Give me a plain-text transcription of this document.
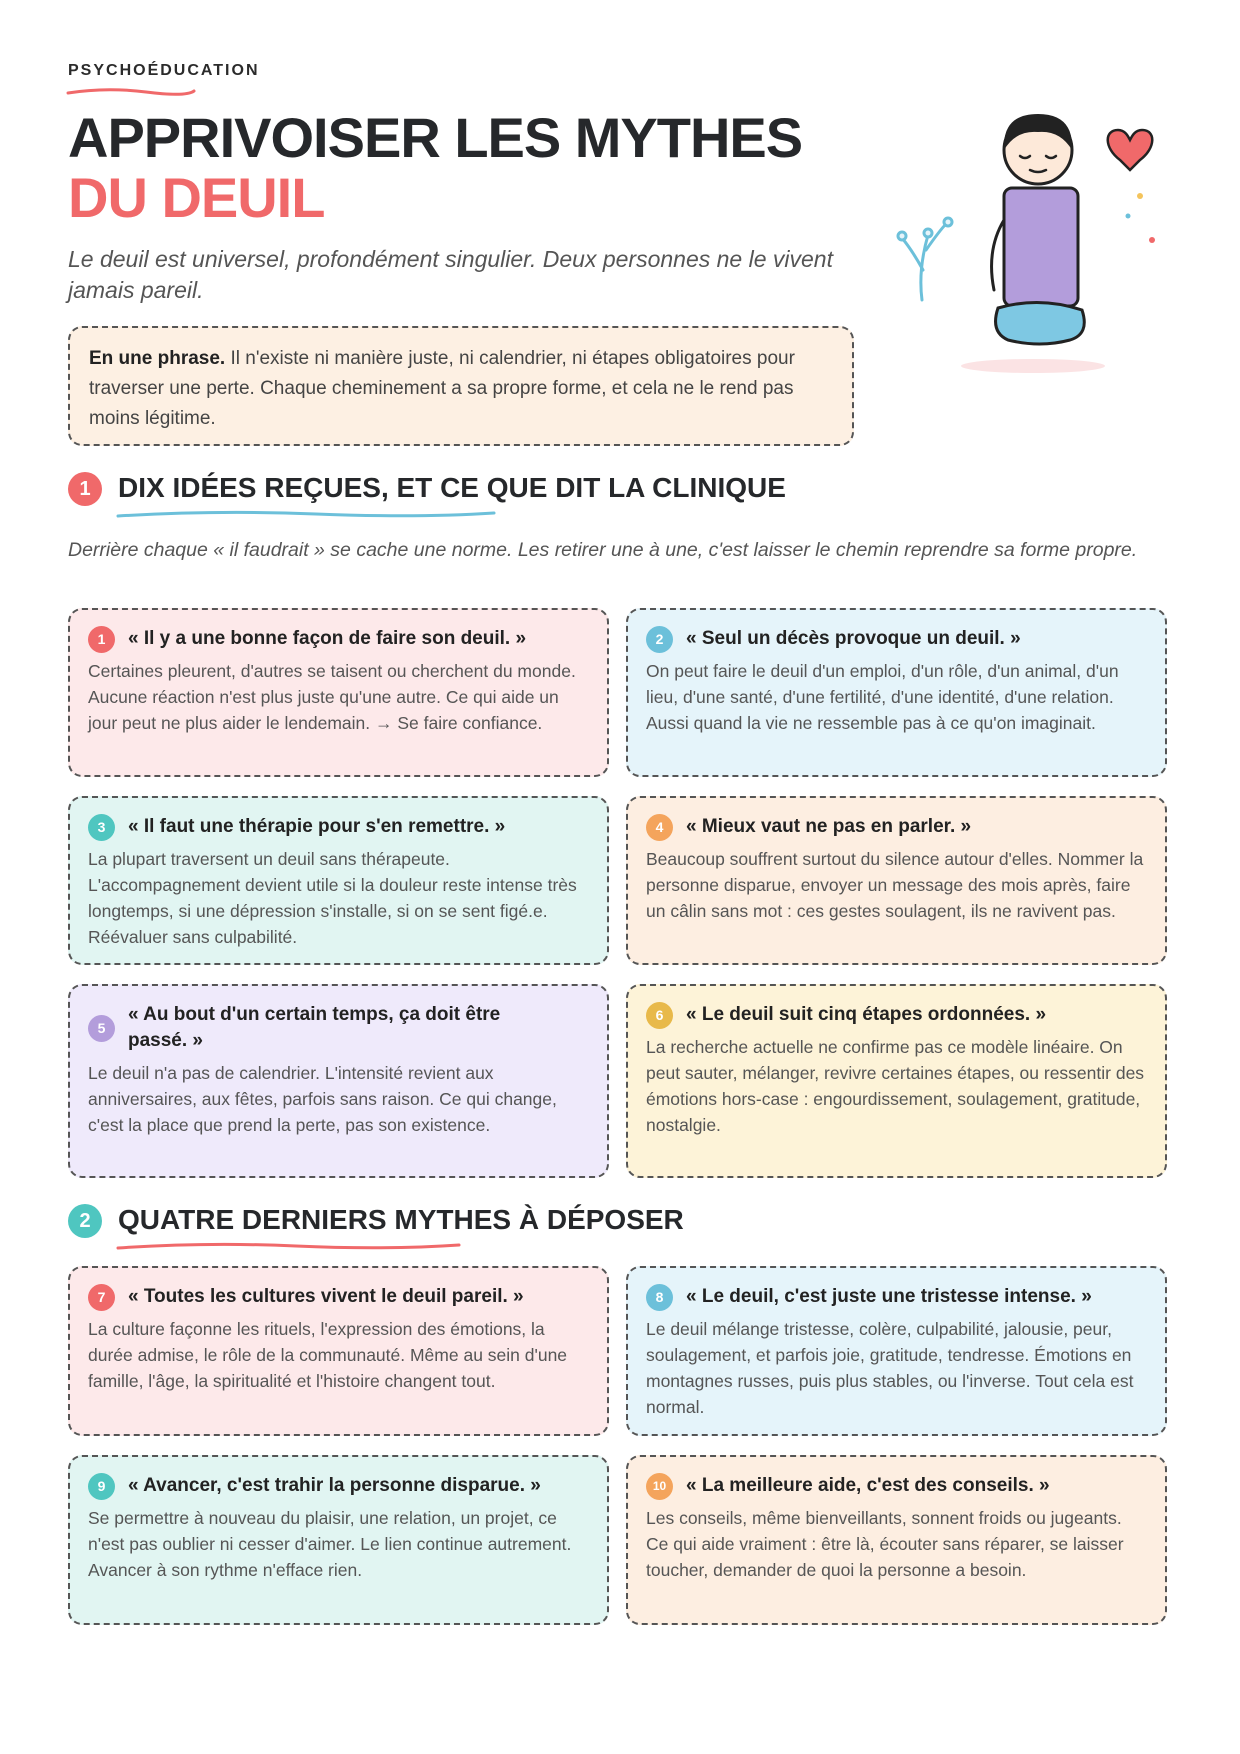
PSYCHOÉDUCATION
APPRIVOISER LES MYTHES
DU DEUIL
Le deuil est universel, profondément singulier. Deux personnes ne le vivent jamais pareil.
En une phrase. Il n'existe ni manière juste, ni calendrier, ni étapes obligatoires pour traverser une perte. Chaque cheminement a sa propre forme, et cela ne le rend pas moins légitime.
1 DIX IDÉES REÇUES, ET CE QUE DIT LA CLINIQUE
Derrière chaque « il faudrait » se cache une norme. Les retirer une à une, c'est laisser le chemin reprendre sa forme propre.
1	« Il y a une bonne façon de faire son deuil. »
Certaines pleurent, d'autres se taisent ou cherchent du monde. Aucune réaction n'est plus juste qu'une autre. Ce qui aide un jour peut ne plus aider le lendemain. → Se faire confiance.
2	« Seul un décès provoque un deuil. »
On peut faire le deuil d'un emploi, d'un rôle, d'un animal, d'un lieu, d'une santé, d'une fertilité, d'une identité, d'une relation. Aussi quand la vie ne ressemble pas à ce qu'on imaginait.
3	« Il faut une thérapie pour s'en remettre. »
La plupart traversent un deuil sans thérapeute. L'accompagnement devient utile si la douleur reste intense très longtemps, si une dépression s'installe, si on se sent figé.e. Réévaluer sans culpabilité.
4	« Mieux vaut ne pas en parler. »
Beaucoup souffrent surtout du silence autour d'elles. Nommer la personne disparue, envoyer un message des mois après, faire un câlin sans mot : ces gestes soulagent, ils ne ravivent pas.
5
« Au bout d'un certain temps, ça doit être passé. »
Le deuil n'a pas de calendrier. L'intensité revient aux anniversaires, aux fêtes, parfois sans raison. Ce qui change, c'est la place que prend la perte, pas son existence.
6	« Le deuil suit cinq étapes ordonnées. »
La recherche actuelle ne confirme pas ce modèle linéaire. On peut sauter, mélanger, revivre certaines étapes, ou ressentir des émotions hors-case : engourdissement, soulagement, gratitude, nostalgie.
2 QUATRE DERNIERS MYTHES À DÉPOSER
7	« Toutes les cultures vivent le deuil pareil. »
La culture façonne les rituels, l'expression des émotions, la durée admise, le rôle de la communauté. Même au sein d'une famille, l'âge, la spiritualité et l'histoire changent tout.
8	« Le deuil, c'est juste une tristesse intense. »
Le deuil mélange tristesse, colère, culpabilité, jalousie, peur, soulagement, et parfois joie, gratitude, tendresse. Émotions en montagnes russes, puis plus stables, ou l'inverse. Tout cela est normal.
9	« Avancer, c'est trahir la personne disparue. »
Se permettre à nouveau du plaisir, une relation, un projet, ce n'est pas oublier ni cesser d'aimer. Le lien continue autrement. Avancer à son rythme n'efface rien.
10	« La meilleure aide, c'est des conseils. »
Les conseils, même bienveillants, sonnent froids ou jugeants. Ce qui aide vraiment : être là, écouter sans réparer, se laisser toucher, demander de quoi la personne a besoin.
